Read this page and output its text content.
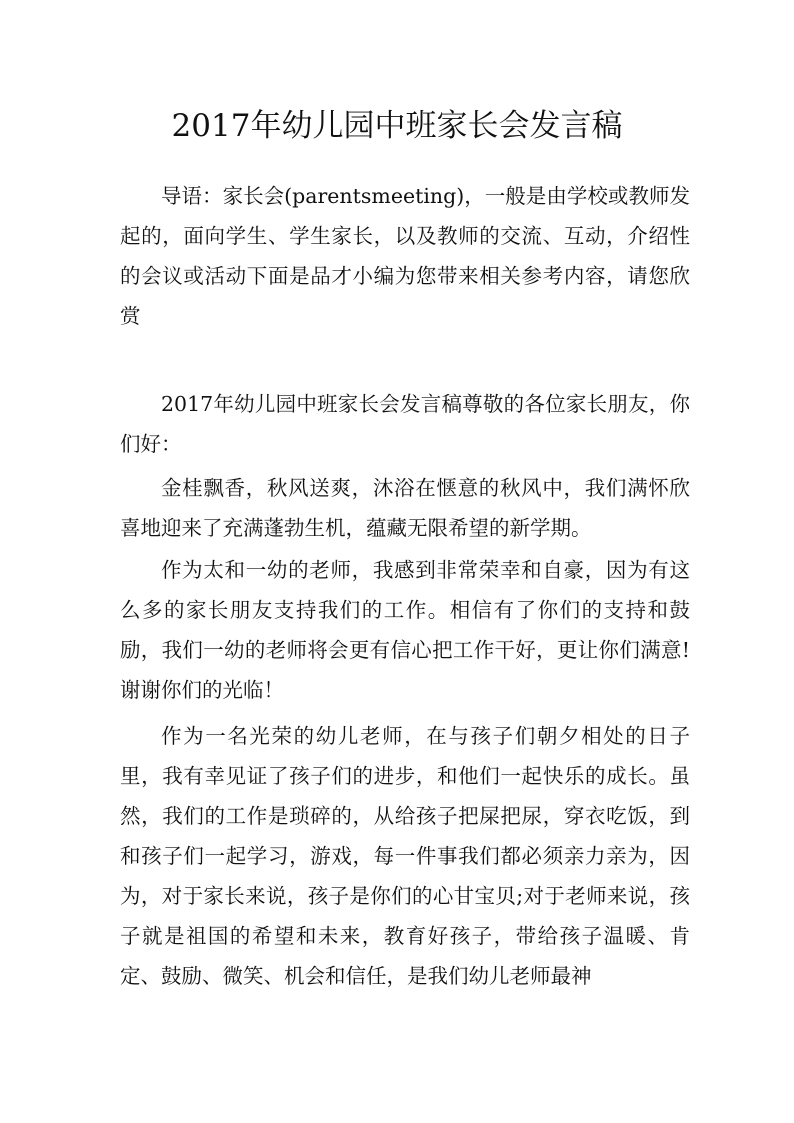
2017年幼儿园中班家长会发言稿

导语：家长会(parentsmeeting)，一般是由学校或教师发起的，面向学生、学生家长，以及教师的交流、互动，介绍性的会议或活动下面是品才小编为您带来相关参考内容，请您欣赏

2017年幼儿园中班家长会发言稿尊敬的各位家长朋友，你们好：

金桂飘香，秋风送爽，沐浴在惬意的秋风中，我们满怀欣喜地迎来了充满蓬勃生机，蕴藏无限希望的新学期。

作为太和一幼的老师，我感到非常荣幸和自豪，因为有这么多的家长朋友支持我们的工作。相信有了你们的支持和鼓励，我们一幼的老师将会更有信心把工作干好，更让你们满意!谢谢你们的光临！

作为一名光荣的幼儿老师，在与孩子们朝夕相处的日子里，我有幸见证了孩子们的进步，和他们一起快乐的成长。虽然，我们的工作是琐碎的，从给孩子把屎把尿，穿衣吃饭，到和孩子们一起学习，游戏，每一件事我们都必须亲力亲为，因为，对于家长来说，孩子是你们的心甘宝贝;对于老师来说，孩子就是祖国的希望和未来，教育好孩子，带给孩子温暖、肯定、鼓励、微笑、机会和信任，是我们幼儿老师最神
